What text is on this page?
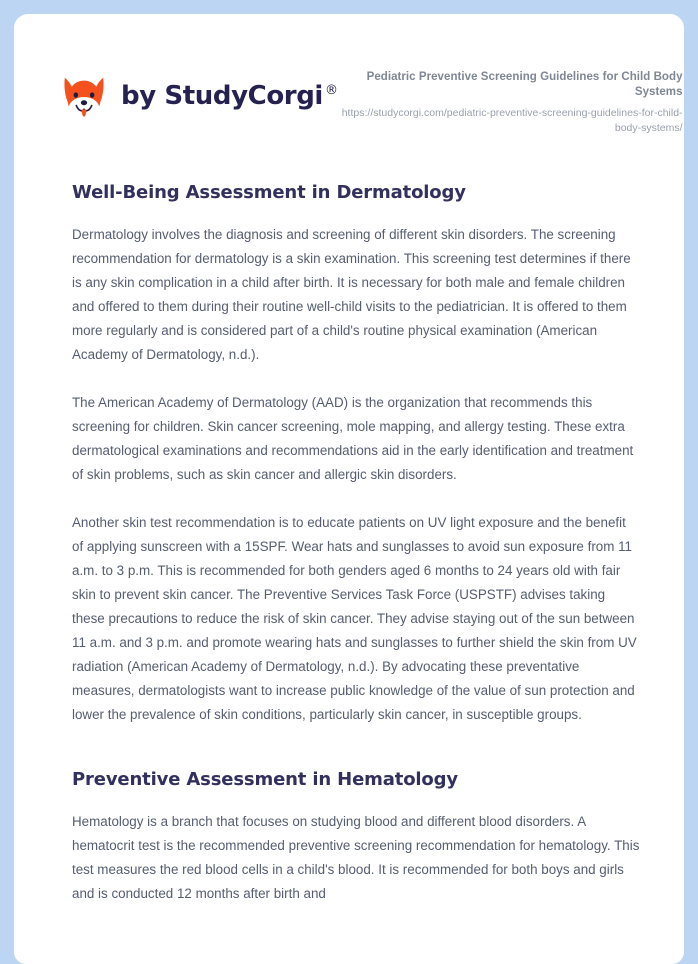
by StudyCorgi ®
Pediatric Preventive Screening Guidelines for Child Body Systems
https://studycorgi.com/pediatric-preventive-screening-guidelines-for-child-body-systems/
Well-Being Assessment in Dermatology

Dermatology involves the diagnosis and screening of different skin disorders. The screening recommendation for dermatology is a skin examination. This screening test determines if there is any skin complication in a child after birth. It is necessary for both male and female children and offered to them during their routine well-child visits to the pediatrician. It is offered to them more regularly and is considered part of a child's routine physical examination (American Academy of Dermatology, n.d.).

The American Academy of Dermatology (AAD) is the organization that recommends this screening for children. Skin cancer screening, mole mapping, and allergy testing. These extra dermatological examinations and recommendations aid in the early identification and treatment of skin problems, such as skin cancer and allergic skin disorders.

Another skin test recommendation is to educate patients on UV light exposure and the benefit of applying sunscreen with a 15SPF. Wear hats and sunglasses to avoid sun exposure from 11 a.m. to 3 p.m. This is recommended for both genders aged 6 months to 24 years old with fair skin to prevent skin cancer. The Preventive Services Task Force (USPSTF) advises taking these precautions to reduce the risk of skin cancer. They advise staying out of the sun between 11 a.m. and 3 p.m. and promote wearing hats and sunglasses to further shield the skin from UV radiation (American Academy of Dermatology, n.d.). By advocating these preventative measures, dermatologists want to increase public knowledge of the value of sun protection and lower the prevalence of skin conditions, particularly skin cancer, in susceptible groups.

Preventive Assessment in Hematology

Hematology is a branch that focuses on studying blood and different blood disorders. A hematocrit test is the recommended preventive screening recommendation for hematology. This test measures the red blood cells in a child's blood. It is recommended for both boys and girls and is conducted 12 months after birth and
